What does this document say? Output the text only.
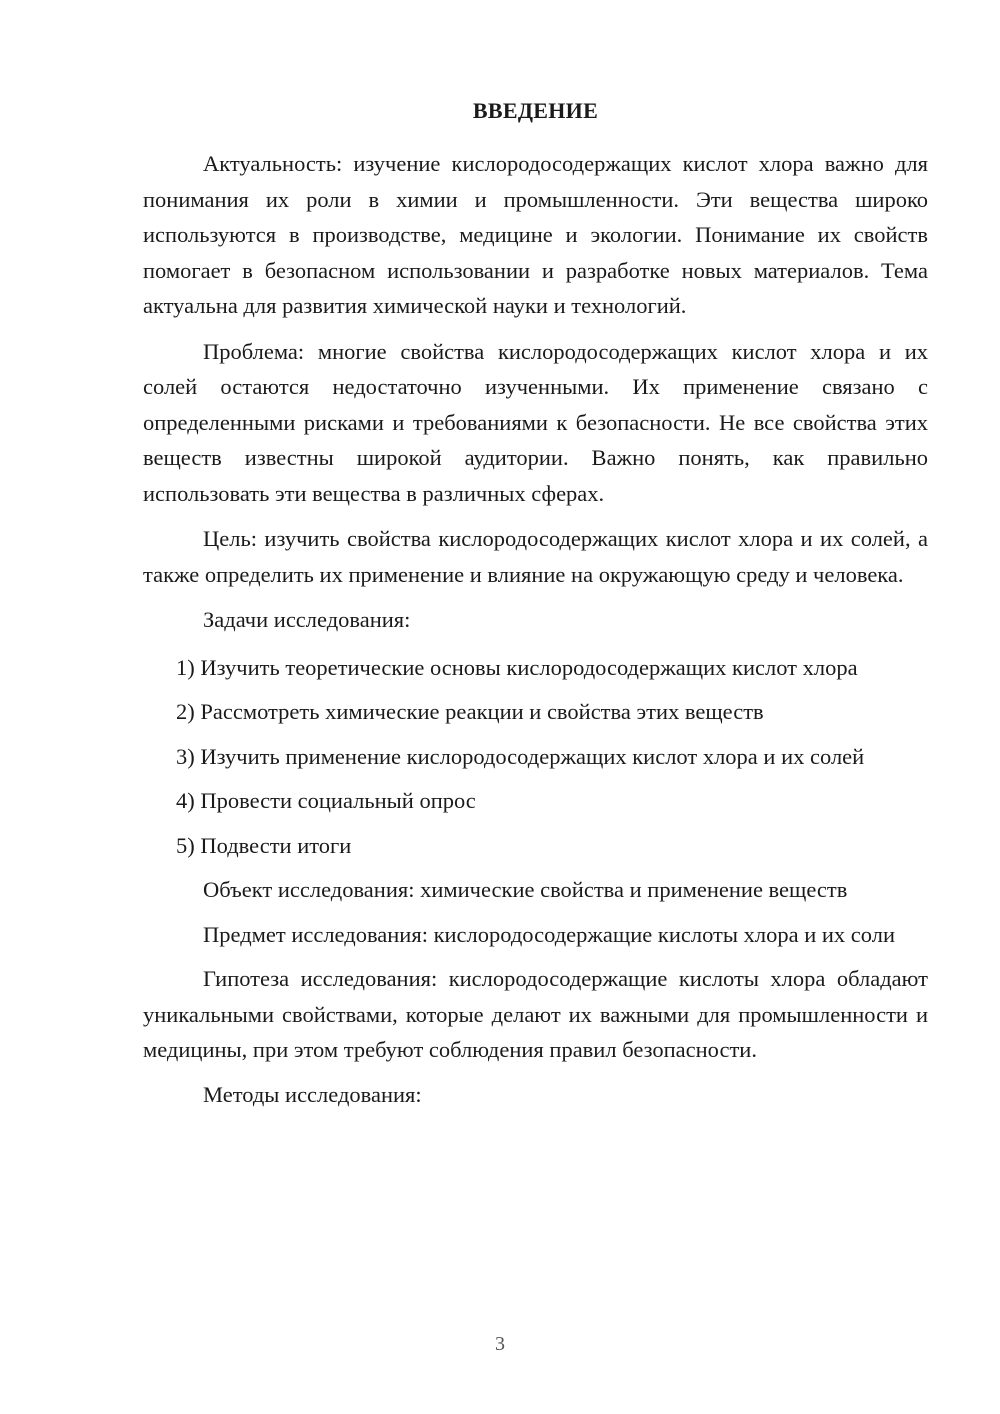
ВВЕДЕНИЕ

Актуальность: изучение кислородосодержащих кислот хлора важно для понимания их роли в химии и промышленности. Эти вещества широко используются в производстве, медицине и экологии. Понимание их свойств помогает в безопасном использовании и разработке новых материалов. Тема актуальна для развития химической науки и технологий.

Проблема: многие свойства кислородосодержащих кислот хлора и их солей остаются недостаточно изученными. Их применение связано с определенными рисками и требованиями к безопасности. Не все свойства этих веществ известны широкой аудитории. Важно понять, как правильно использовать эти вещества в различных сферах.

Цель: изучить свойства кислородосодержащих кислот хлора и их солей, а также определить их применение и влияние на окружающую среду и человека.

Задачи исследования:

1) Изучить теоретические основы кислородосодержащих кислот хлора

2) Рассмотреть химические реакции и свойства этих веществ

3) Изучить применение кислородосодержащих кислот хлора и их солей

4) Провести социальный опрос

5) Подвести итоги

Объект исследования: химические свойства и применение веществ

Предмет исследования: кислородосодержащие кислоты хлора и их соли

Гипотеза исследования: кислородосодержащие кислоты хлора обладают уникальными свойствами, которые делают их важными для промышленности и медицины, при этом требуют соблюдения правил безопасности.

Методы исследования:

3
